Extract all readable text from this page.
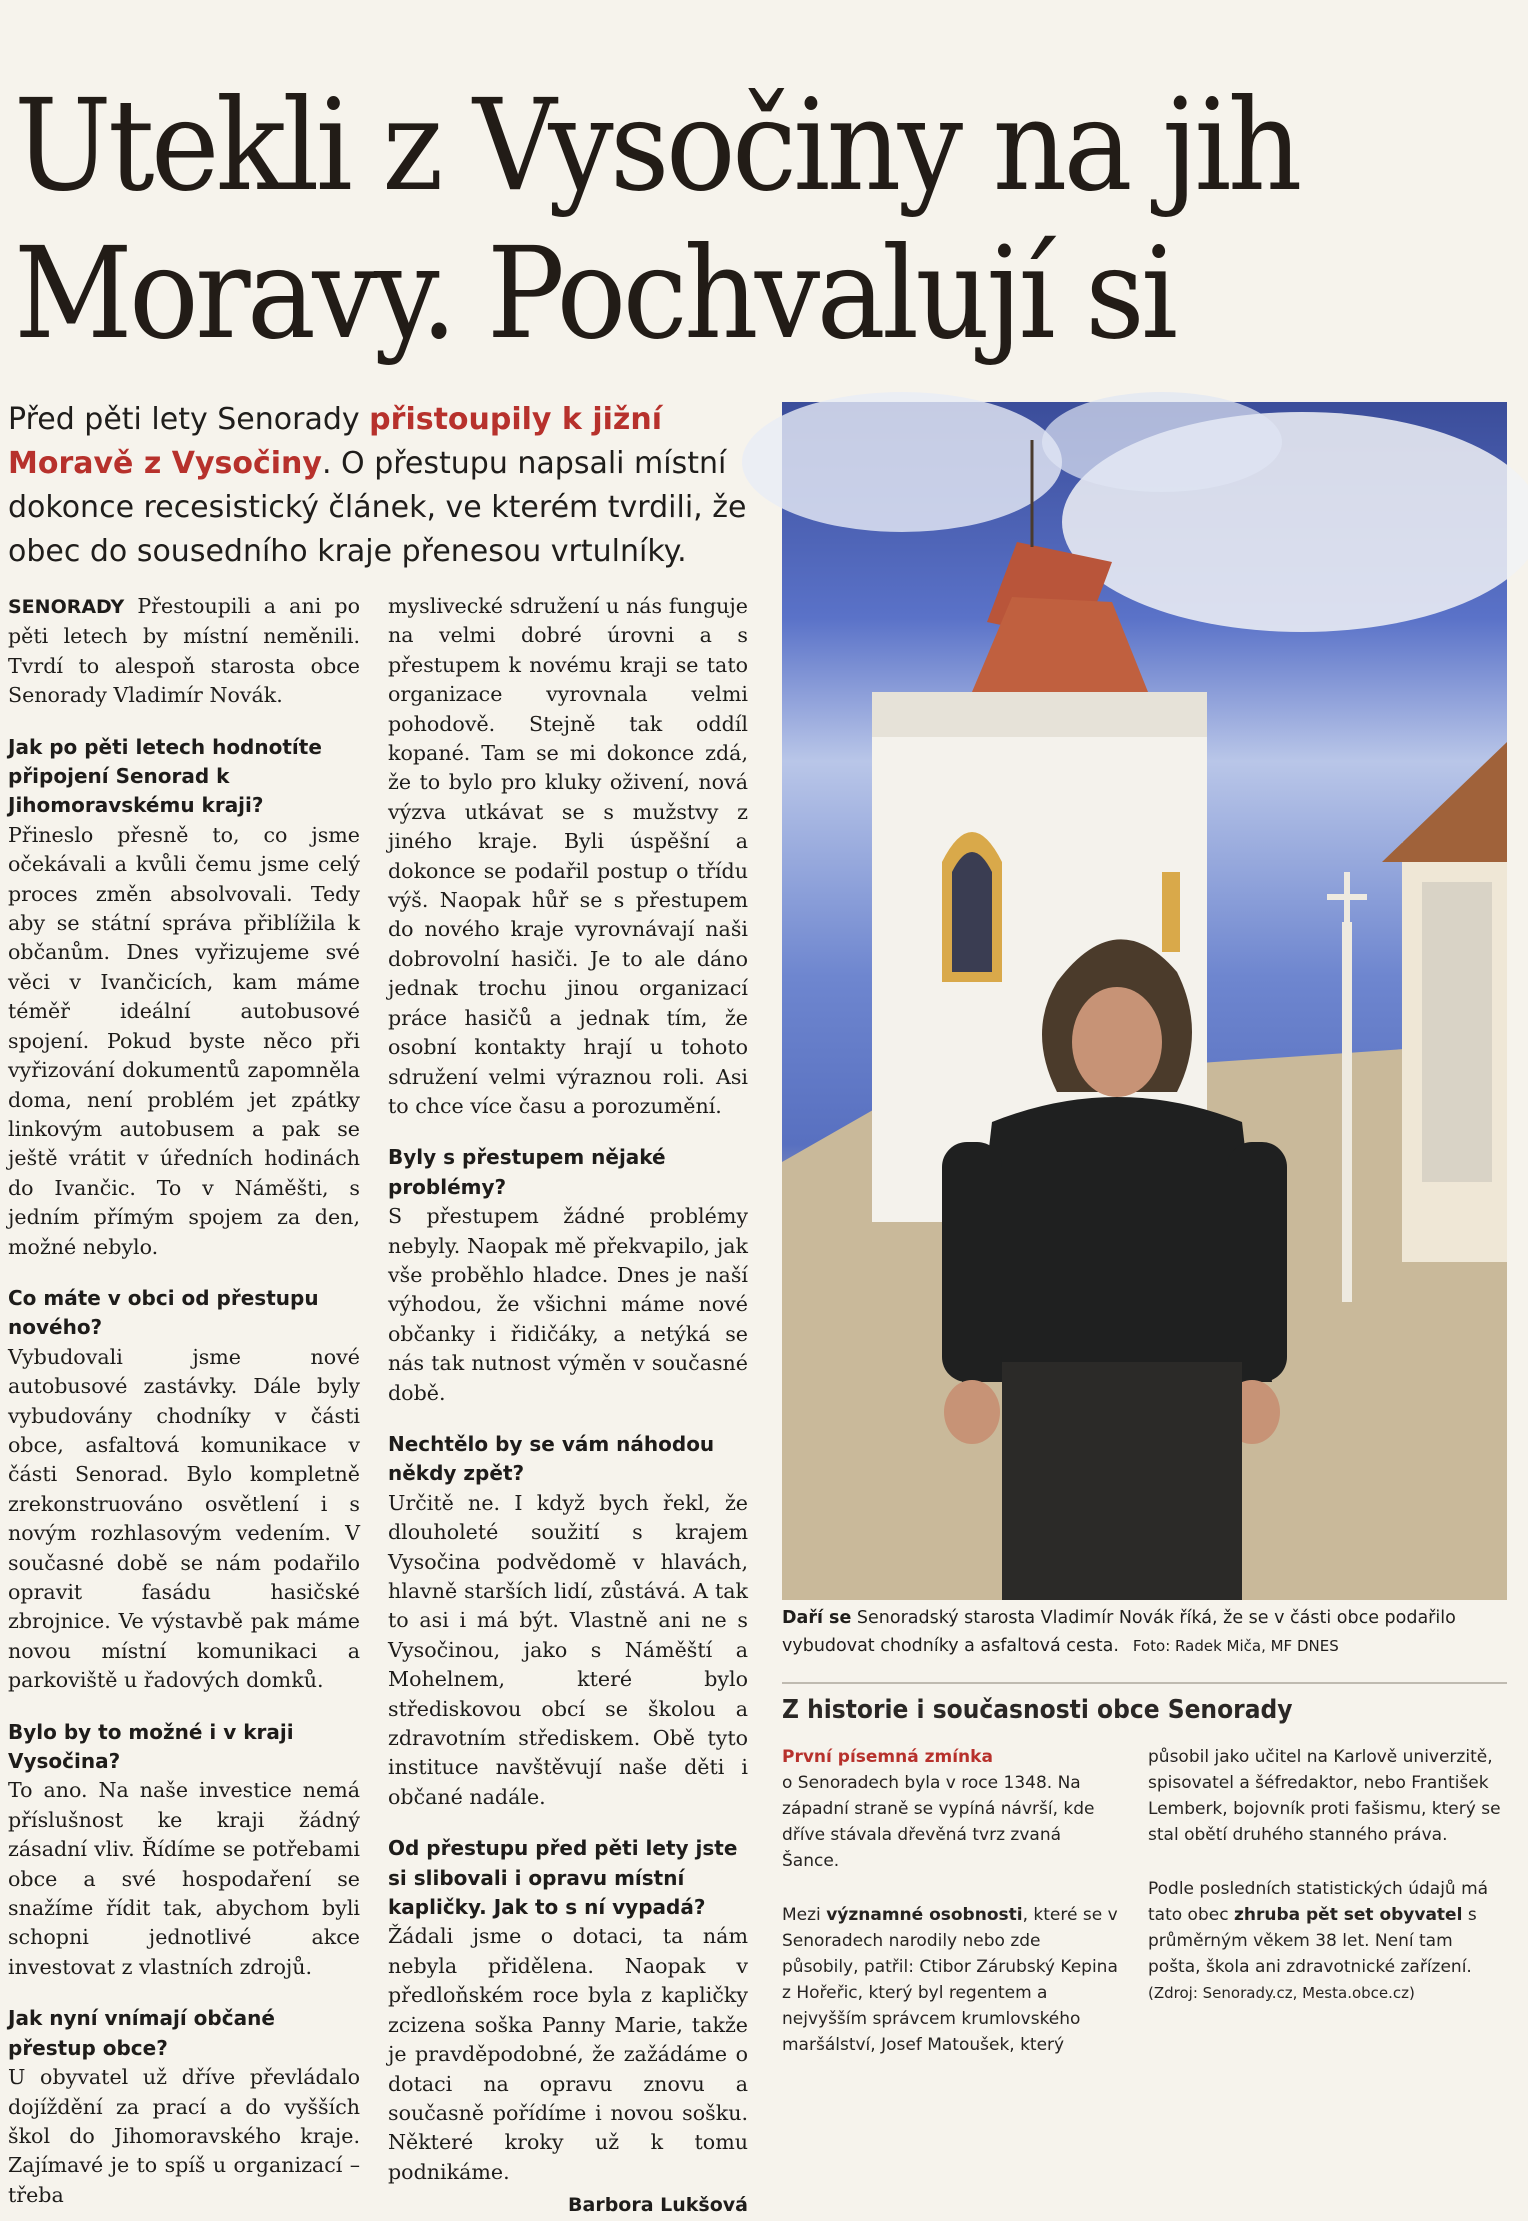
Utekli z Vysočiny na jih
Moravy. Pochvalují si

Před pěti lety Senorady přistoupily k jižní Moravě z Vysočiny. O přestupu napsali místní dokonce recesistický článek, ve kterém tvrdili, že obec do sousedního kraje přenesou vrtulníky.

SENORADY Přestoupili a ani po pěti letech by místní neměnili. Tvrdí to alespoň starosta obce Senorady Vladimír Novák.

Jak po pěti letech hodnotíte připojení Senorad k Jihomoravskému kraji?

Přineslo přesně to, co jsme očekávali a kvůli čemu jsme celý proces změn absolvovali. Tedy aby se státní správa přiblížila k občanům. Dnes vyřizujeme své věci v Ivančicích, kam máme téměř ideální autobusové spojení. Pokud byste něco při vyřizování dokumentů zapomněla doma, není problém jet zpátky linkovým autobusem a pak se ještě vrátit v úředních hodinách do Ivančic. To v Náměšti, s jedním přímým spojem za den, možné nebylo.

Co máte v obci od přestupu nového?

Vybudovali jsme nové autobusové zastávky. Dále byly vybudovány chodníky v části obce, asfaltová komunikace v části Senorad. Bylo kompletně zrekonstruováno osvětlení i s novým rozhlasovým vedením. V současné době se nám podařilo opravit fasádu hasičské zbrojnice. Ve výstavbě pak máme novou místní komunikaci a parkoviště u řadových domků.

Bylo by to možné i v kraji Vysočina?

To ano. Na naše investice nemá příslušnost ke kraji žádný zásadní vliv. Řídíme se potřebami obce a své hospodaření se snažíme řídit tak, abychom byli schopni jednotlivé akce investovat z vlastních zdrojů.

Jak nyní vnímají občané přestup obce?

U obyvatel už dříve převládalo dojíždění za prací a do vyšších škol do Jihomoravského kraje. Zajímavé je to spíš u organizací – třeba

myslivecké sdružení u nás funguje na velmi dobré úrovni a s přestupem k novému kraji se tato organizace vyrovnala velmi pohodově. Stejně tak oddíl kopané. Tam se mi dokonce zdá, že to bylo pro kluky oživení, nová výzva utkávat se s mužstvy z jiného kraje. Byli úspěšní a dokonce se podařil postup o třídu výš. Naopak hůř se s přestupem do nového kraje vyrovnávají naši dobrovolní hasiči. Je to ale dáno jednak trochu jinou organizací práce hasičů a jednak tím, že osobní kontakty hrají u tohoto sdružení velmi výraznou roli. Asi to chce více času a porozumění.

Byly s přestupem nějaké problémy?

S přestupem žádné problémy nebyly. Naopak mě překvapilo, jak vše proběhlo hladce. Dnes je naší výhodou, že všichni máme nové občanky i řidičáky, a netýká se nás tak nutnost výměn v současné době.

Nechtělo by se vám náhodou někdy zpět?

Určitě ne. I když bych řekl, že dlouholeté soužití s krajem Vysočina podvědomě v hlavách, hlavně starších lidí, zůstává. A tak to asi i má být. Vlastně ani ne s Vysočinou, jako s Náměští a Mohelnem, které bylo střediskovou obcí se školou a zdravotním střediskem. Obě tyto instituce navštěvují naše děti i občané nadále.

Od přestupu před pěti lety jste si slibovali i opravu místní kapličky. Jak to s ní vypadá?

Žádali jsme o dotaci, ta nám nebyla přidělena. Naopak v předloňském roce byla z kapličky zcizena soška Panny Marie, takže je pravděpodobné, že zažádáme o dotaci na opravu znovu a současně pořídíme i novou sošku. Některé kroky už k tomu podnikáme.

Barbora Lukšová

Daří se Senoradský starosta Vladimír Novák říká, že se v části obce podařilo vybudovat chodníky a asfaltová cesta. Foto: Radek Miča, MF DNES

Z historie i současnosti obce Senorady

První písemná zmínka
o Senoradech byla v roce 1348. Na západní straně se vypíná návrší, kde dříve stávala dřevěná tvrz zvaná Šance.

Mezi významné osobnosti, které se v Senoradech narodily nebo zde působily, patřil: Ctibor Zárubský Kepina z Hořeřic, který byl regentem a nejvyšším správcem krumlovského maršálství, Josef Matoušek, který

působil jako učitel na Karlově univerzitě, spisovatel a šéfredaktor, nebo František Lemberk, bojovník proti fašismu, který se stal obětí druhého stanného práva.

Podle posledních statistických údajů má tato obec zhruba pět set obyvatel s průměrným věkem 38 let. Není tam pošta, škola ani zdravotnické zařízení.

(Zdroj: Senorady.cz, Mesta.obce.cz)
